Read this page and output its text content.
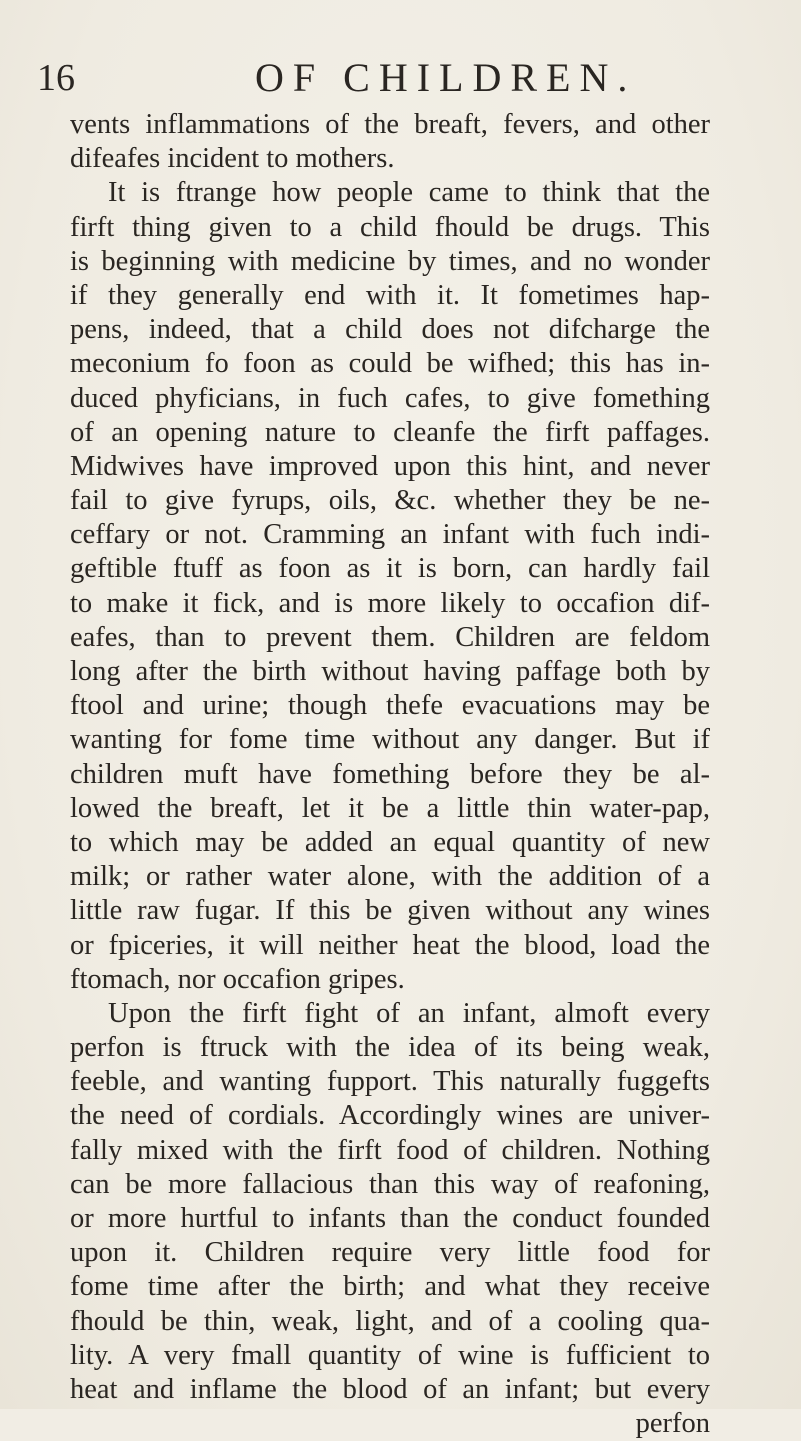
16	OF CHILDREN.
vents inflammations of the breaft, fevers, and other
difeafes incident to mothers.
It is ftrange how people came to think that the
firft thing given to a child fhould be drugs. This
is beginning with medicine by times, and no wonder
if they generally end with it. It fometimes hap-
pens, indeed, that a child does not difcharge the
meconium fo foon as could be wifhed; this has in-
duced phyficians, in fuch cafes, to give fomething
of an opening nature to cleanfe the firft paffages.
Midwives have improved upon this hint, and never
fail to give fyrups, oils, &c. whether they be ne-
ceffary or not. Cramming an infant with fuch indi-
geftible ftuff as foon as it is born, can hardly fail
to make it fick, and is more likely to occafion dif-
eafes, than to prevent them. Children are feldom
long after the birth without having paffage both by
ftool and urine; though thefe evacuations may be
wanting for fome time without any danger. But if
children muft have fomething before they be al-
lowed the breaft, let it be a little thin water-pap,
to which may be added an equal quantity of new
milk; or rather water alone, with the addition of a
little raw fugar. If this be given without any wines
or fpiceries, it will neither heat the blood, load the
ftomach, nor occafion gripes.
Upon the firft fight of an infant, almoft every
perfon is ftruck with the idea of its being weak,
feeble, and wanting fupport. This naturally fuggefts
the need of cordials. Accordingly wines are univer-
fally mixed with the firft food of children. Nothing
can be more fallacious than this way of reafoning,
or more hurtful to infants than the conduct founded
upon it. Children require very little food for
fome time after the birth; and what they receive
fhould be thin, weak, light, and of a cooling qua-
lity. A very fmall quantity of wine is fufficient to
heat and inflame the blood of an infant; but every
perfon
